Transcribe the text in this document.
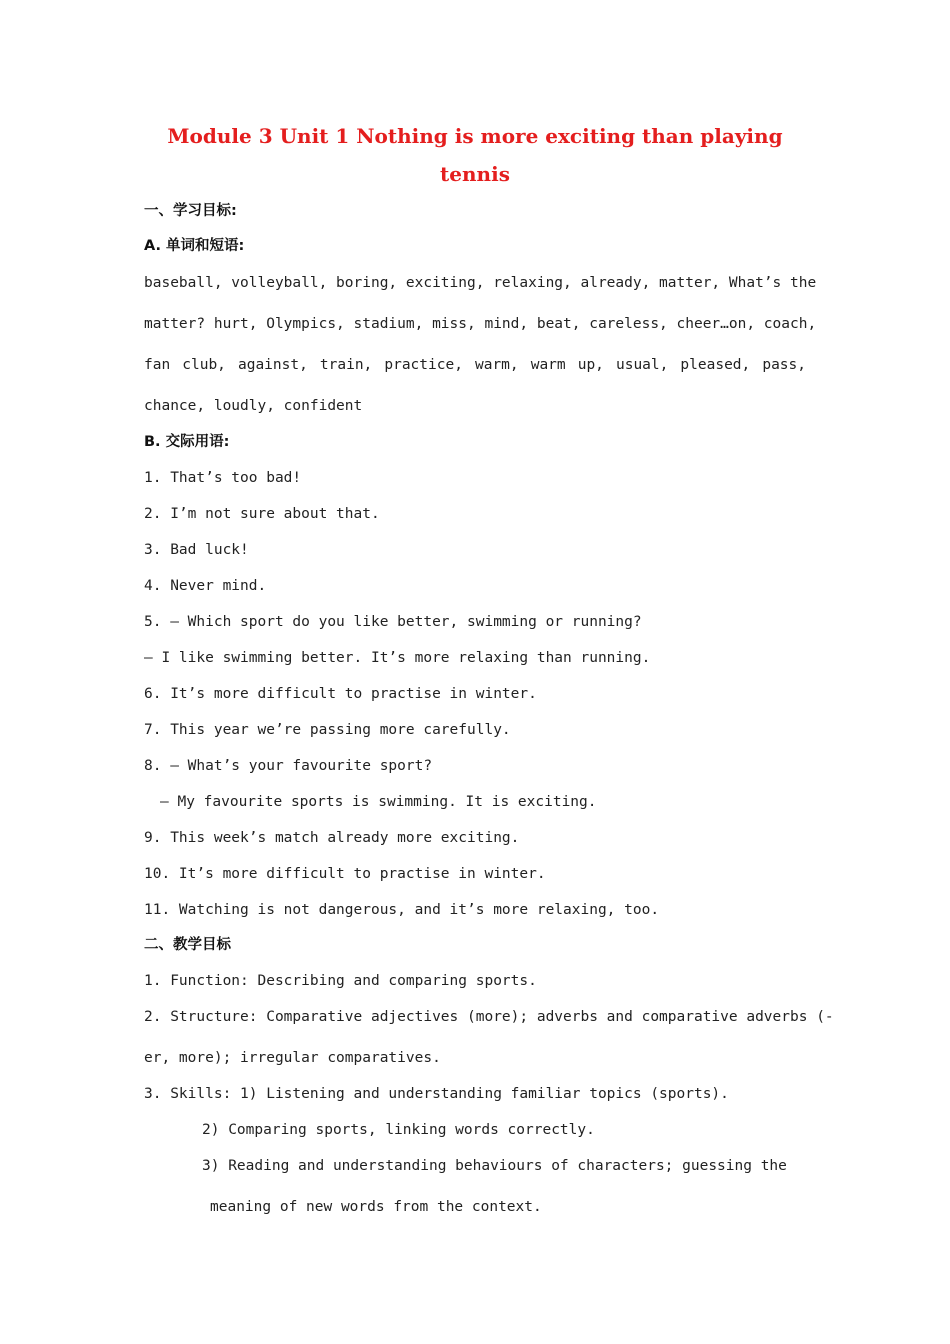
Module 3 Unit 1 Nothing is more exciting than playing
tennis
一、学习目标:
A. 单词和短语:
baseball, volleyball, boring, exciting, relaxing, already, matter, What’s the
matter? hurt, Olympics, stadium, miss, mind, beat, careless, cheer…on, coach,
fan club, against, train, practice, warm, warm up, usual, pleased, pass,
chance, loudly, confident
B. 交际用语:
1. That’s too bad!
2. I’m not sure about that.
3. Bad luck!
4. Never mind.
5. — Which sport do you like better, swimming or running?
— I like swimming better. It’s more relaxing than running.
6. It’s more difficult to practise in winter.
7. This year we’re passing more carefully.
8. — What’s your favourite sport?
— My favourite sports is swimming. It is exciting.
9. This week’s match already more exciting.
10. It’s more difficult to practise in winter.
11. Watching is not dangerous, and it’s more relaxing, too.
二、教学目标
1. Function: Describing and comparing sports.
2. Structure: Comparative adjectives (more); adverbs and comparative adverbs (-
er, more); irregular comparatives.
3. Skills: 1) Listening and understanding familiar topics (sports).
2) Comparing sports, linking words correctly.
3) Reading and understanding behaviours of characters; guessing the
meaning of new words from the context.
